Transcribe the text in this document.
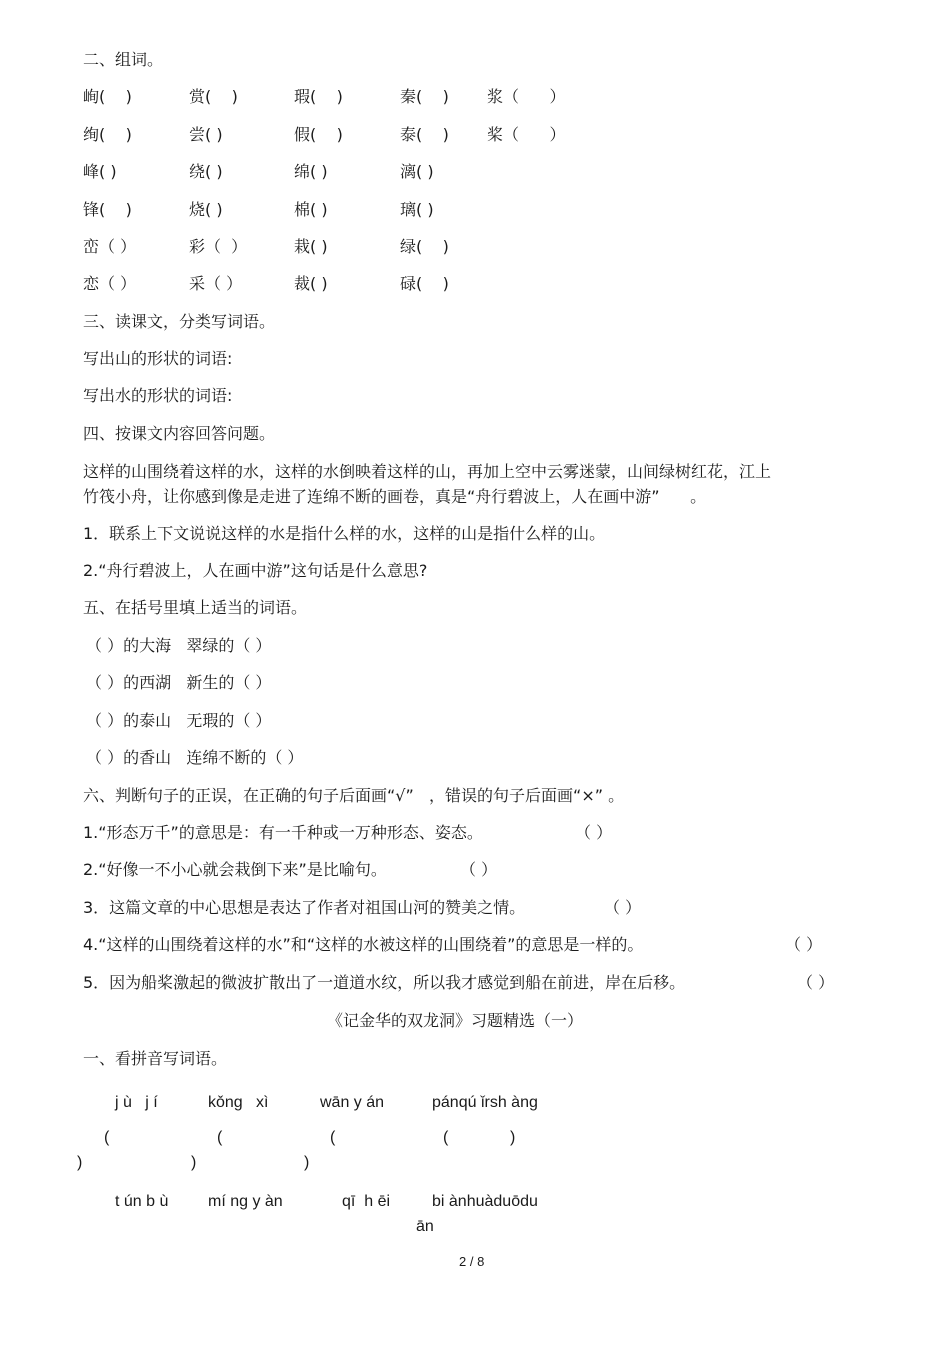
二、组词。
峋(    )	赏(    )	瑕(    )	秦(    ) 浆（      ）
绚(    )	尝( )	假(    )	泰(    ) 桨（      ）
峰( )	绕( )	绵( )	漓( )
锋(    )	烧( )	棉( )	璃( )
峦（ ）	彩（  ）	栽( )	绿(    )
恋（ ）	采（ ）	裁( )	碌(    )
三、读课文，分类写词语。
写出山的形状的词语:
写出水的形状的词语:
四、按课文内容回答问题。
这样的山围绕着这样的水，这样的水倒映着这样的山，再加上空中云雾迷蒙，山间绿树红花，江上
竹筏小舟，让你感到像是走进了连绵不断的画卷，真是“舟行碧波上，人在画中游”      。
1．联系上下文说说这样的水是指什么样的水，这样的山是指什么样的山。
2.“舟行碧波上，人在画中游”这句话是什么意思?
五、在括号里填上适当的词语。
（ ）的大海   翠绿的（ ）
（ ）的西湖   新生的（ ）
（ ）的泰山   无瑕的（ ）
（ ）的香山   连绵不断的（ ）
六、判断句子的正误，在正确的句子后面画“√”   ，错误的句子后面画“×” 。
1.“形态万千”的意思是：有一千种或一万种形态、姿态。	（ ）
2.“好像一不小心就会栽倒下来”是比喻句。	（ ）
3．这篇文章的中心思想是表达了作者对祖国山河的赞美之情。	（ ）
4.“这样的山围绕着这样的水”和“这样的水被这样的山围绕着”的意思是一样的。	（ ）
5．因为船桨激起的微波扩散出了一道道水纹，所以我才感觉到船在前进，岸在后移。	（ ）
《记金华的双龙洞》习题精选（一）
一、看拼音写词语。
j ù   j í	kǒng   xì	wān y án	pánqú ǐrsh àng
(	(	(	(	)
)	)	)
t ún b ù mí ng y àn	qī  h ēi	bi ànhuàduōdu
ān
2 / 8
